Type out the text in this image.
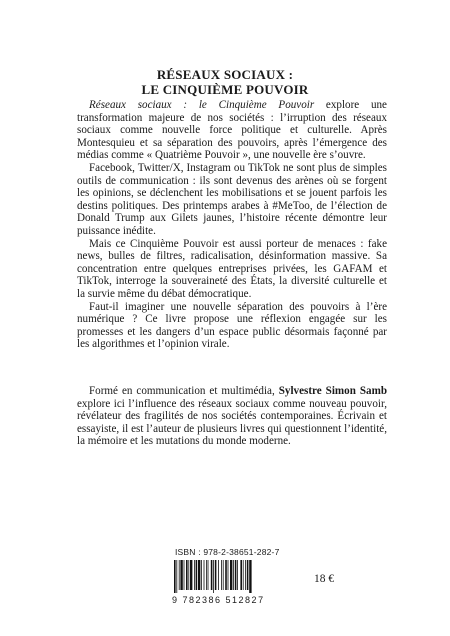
RÉSEAUX SOCIAUX :
LE CINQUIÈME POUVOIR

Réseaux sociaux : le Cinquième Pouvoir explore une transformation majeure de nos sociétés : l’irruption des réseaux sociaux comme nouvelle force politique et culturelle. Après Montesquieu et sa séparation des pouvoirs, après l’émergence des médias comme « Quatrième Pouvoir », une nouvelle ère s’ouvre.

Facebook, Twitter/X, Instagram ou TikTok ne sont plus de simples outils de communication : ils sont devenus des arènes où se forgent les opinions, se déclenchent les mobilisations et se jouent parfois les destins politiques. Des printemps arabes à #MeToo, de l’élection de Donald Trump aux Gilets jaunes, l’histoire récente démontre leur puissance inédite.

Mais ce Cinquième Pouvoir est aussi porteur de menaces : fake news, bulles de filtres, radicalisation, désinformation massive. Sa concentration entre quelques entreprises privées, les GAFAM et TikTok, interroge la souveraineté des États, la diversité culturelle et la survie même du débat démocratique.

Faut-il imaginer une nouvelle séparation des pouvoirs à l’ère numérique ? Ce livre propose une réflexion engagée sur les promesses et les dangers d’un espace public désormais façonné par les algorithmes et l’opinion virale.

Formé en communication et multimédia, Sylvestre Simon Samb explore ici l’influence des réseaux sociaux comme nouveau pouvoir, révélateur des fragilités de nos sociétés contemporaines. Écrivain et essayiste, il est l’auteur de plusieurs livres qui questionnent l’identité, la mémoire et les mutations du monde moderne.

ISBN : 978-2-38651-282-7
9 782386 512827
18 €
